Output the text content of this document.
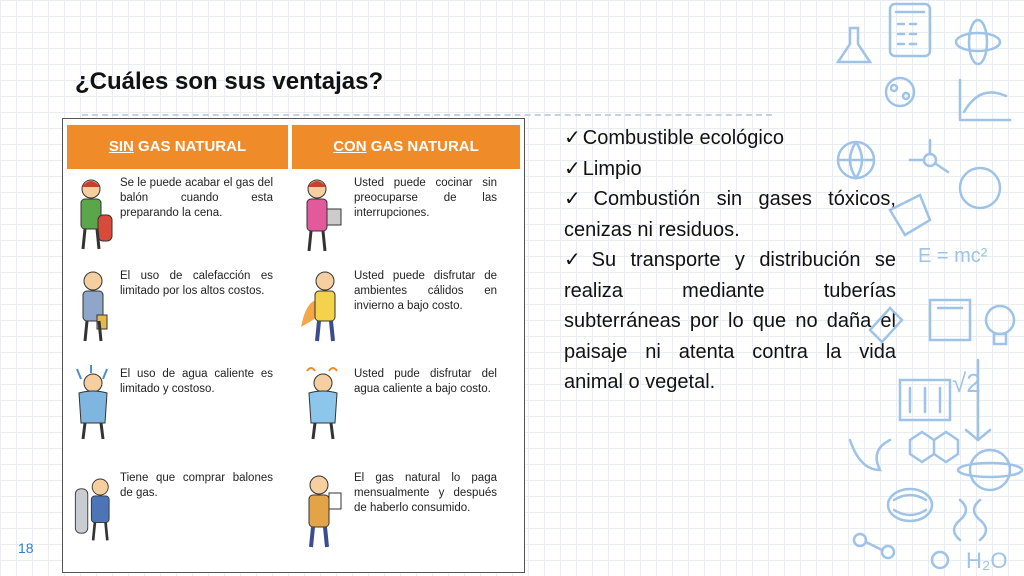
¿Cuáles son sus ventajas?
SIN GAS NATURAL	CON GAS NATURAL
Se le puede acabar el gas del balón cuando esta preparando la cena.
Usted puede cocinar sin preocuparse de las interrupciones.
El uso de calefacción es limitado por los altos costos.
Usted puede disfrutar de ambientes cálidos en invierno a bajo costo.
El uso de agua caliente es limitado y costoso.
Usted pude disfrutar del agua caliente a bajo costo.
Tiene que comprar balones de gas.
El gas natural lo paga mensualmente y después de haberlo consumido.
✓ Combustible ecológico
✓ Limpio
✓ Combustión sin gases tóxicos, cenizas ni residuos.
✓ Su transporte y distribución se realiza mediante tuberías subterráneas por lo que no daña el paisaje ni atenta contra la vida animal o vegetal.
18
E = mc²
√2
H₂O
